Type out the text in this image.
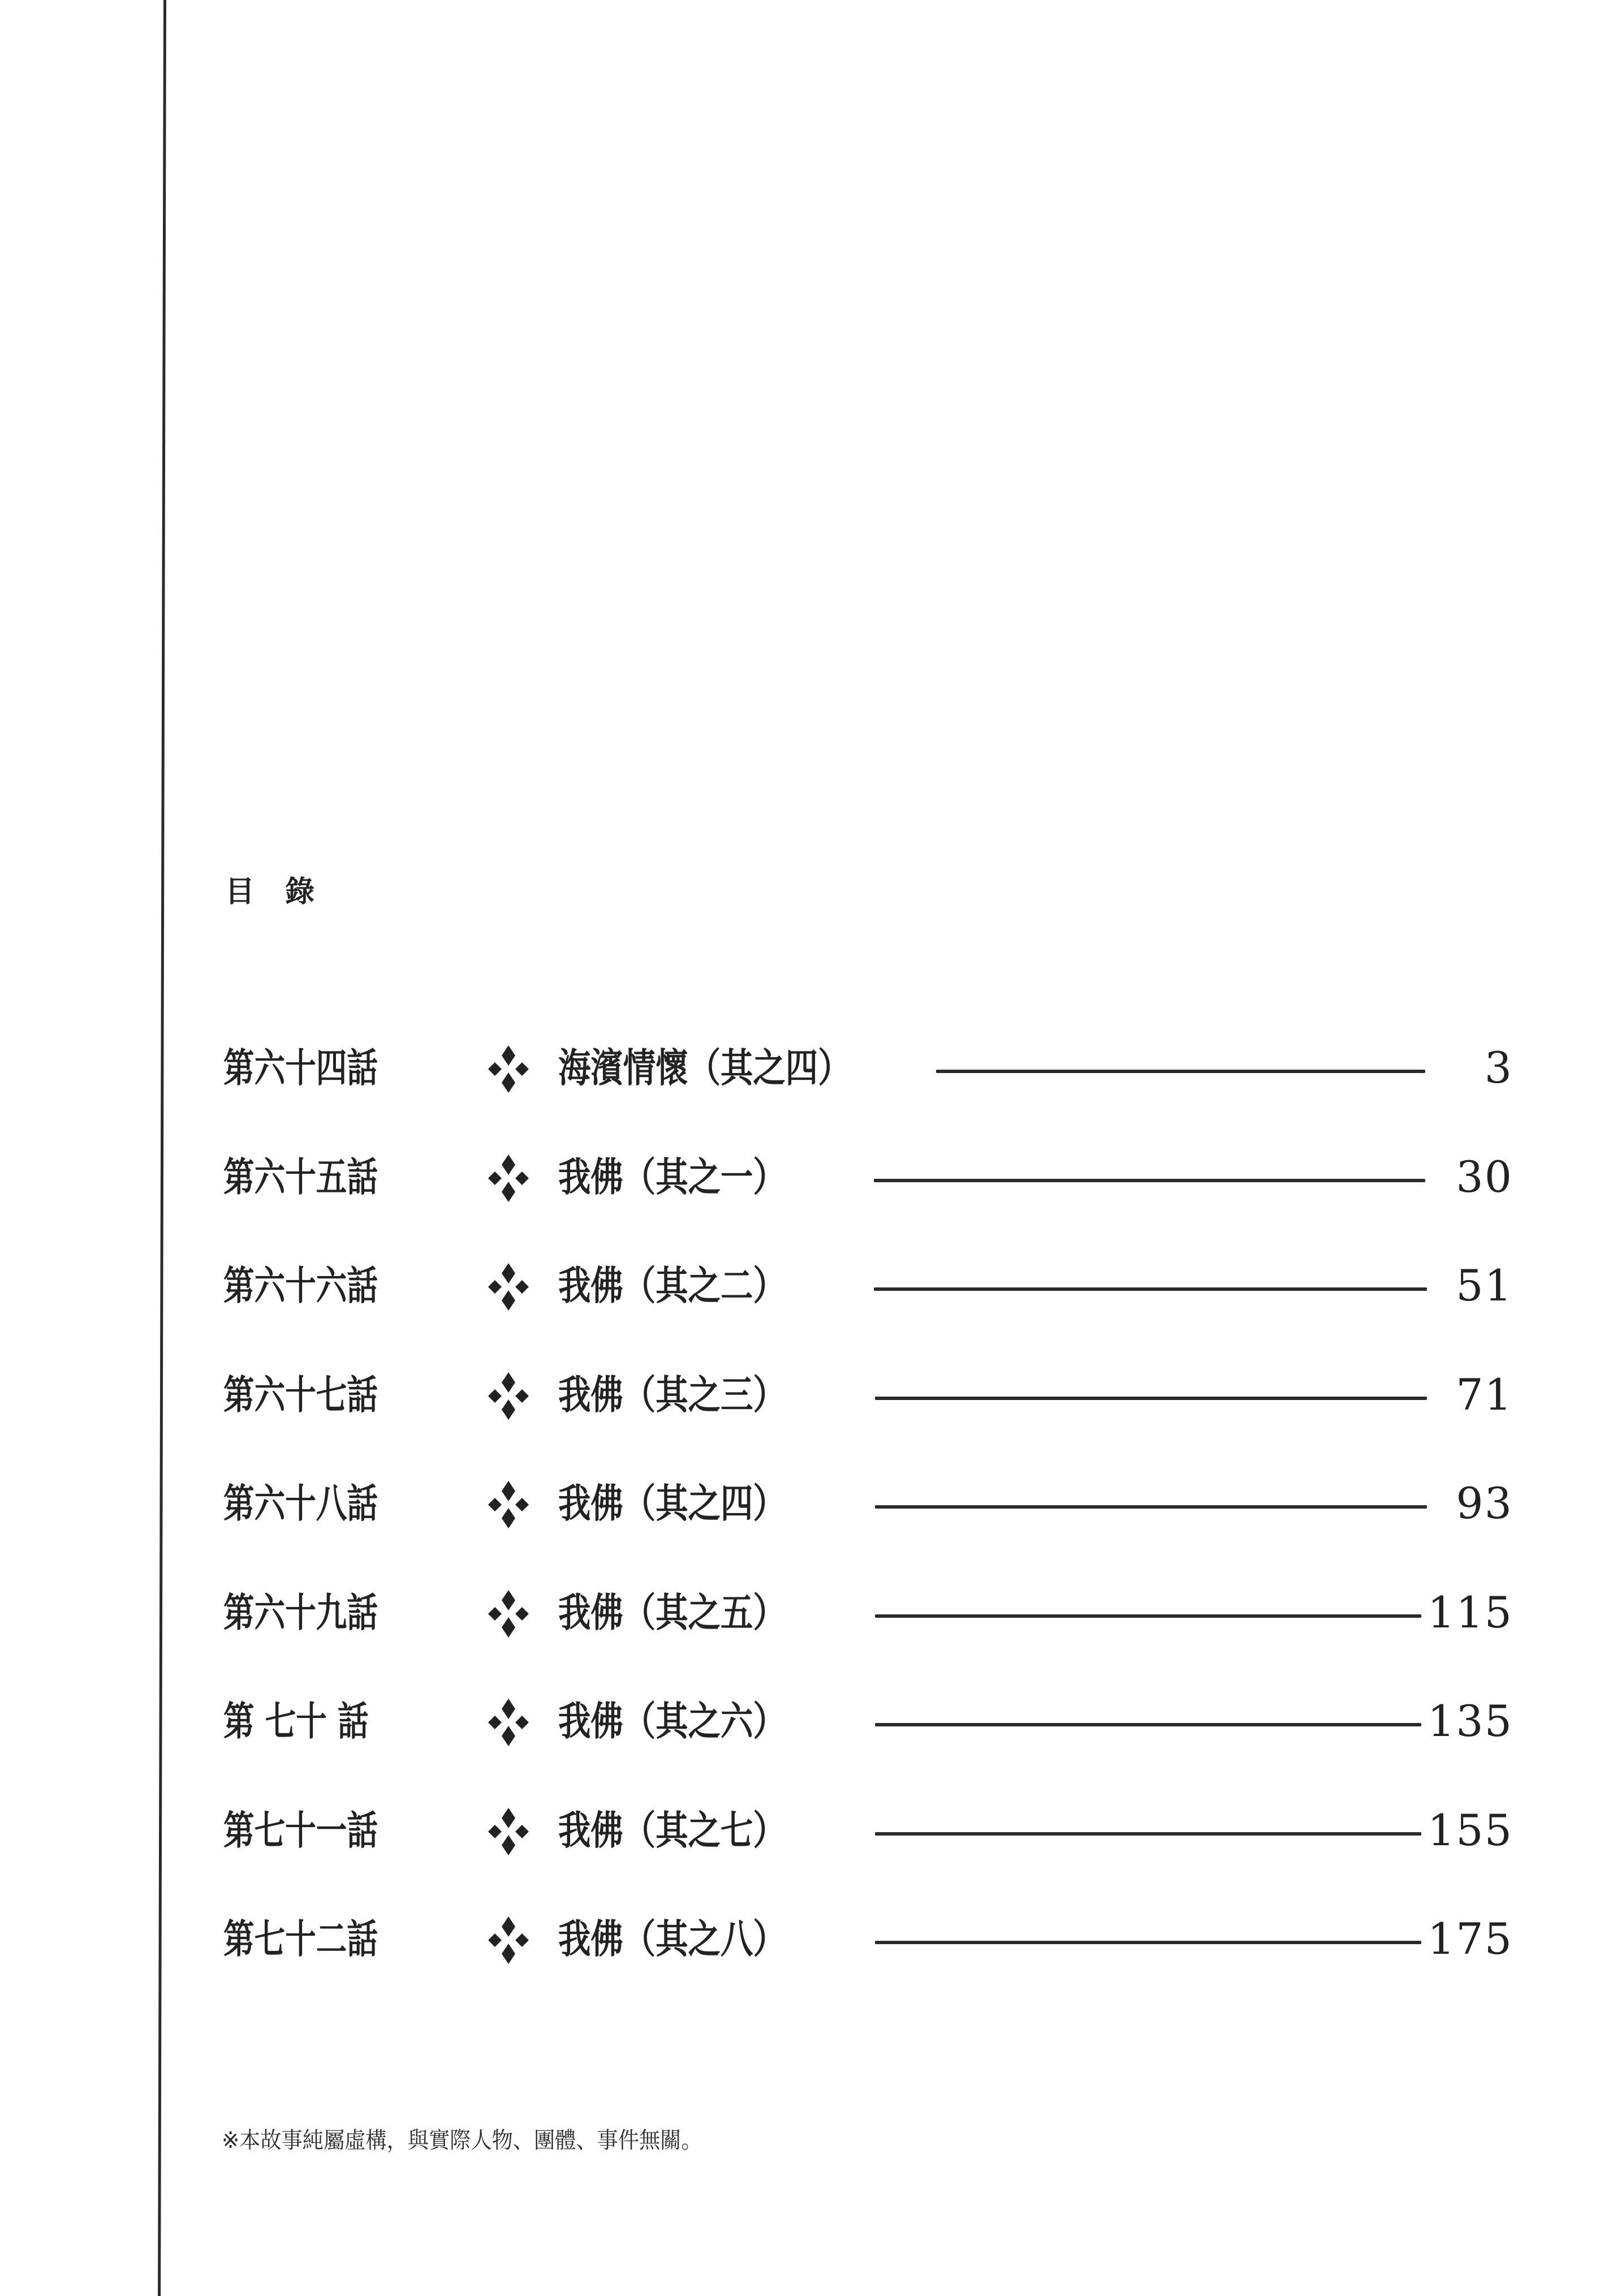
目 錄
第六十四話	海濱情懷（其之四）	3
第六十五話	我佛（其之一）	30
第六十六話	我佛（其之二）	51
第六十七話	我佛（其之三）	71
第六十八話	我佛（其之四）	93
第六十九話	我佛（其之五）	115
第 七十 話	我佛（其之六）	135
第七十一話	我佛（其之七）	155
第七十二話	我佛（其之八）	175
※本故事純屬虛構，與實際人物、團體、事件無關。
